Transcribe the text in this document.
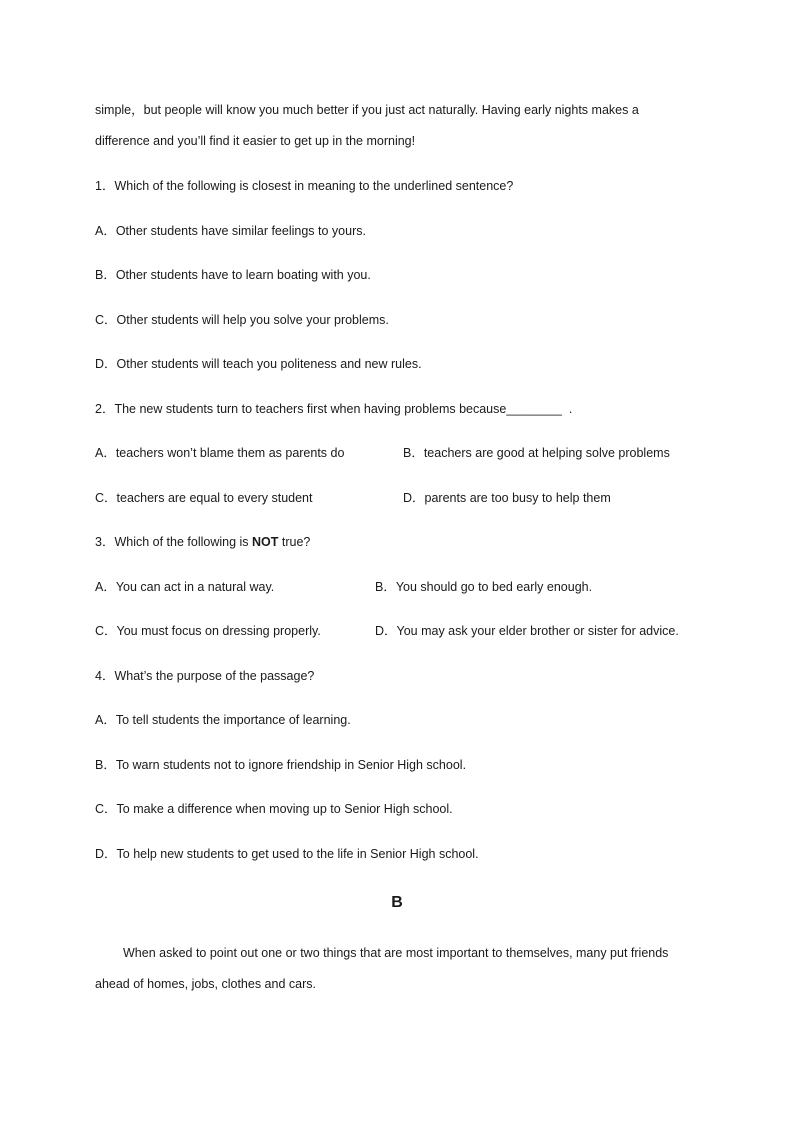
simple，but people will know you much better if you just act naturally. Having early nights makes a
difference and you’ll find it easier to get up in the morning!
1．Which of the following is closest in meaning to the underlined sentence?
A．Other students have similar feelings to yours.
B．Other students have to learn boating with you.
C．Other students will help you solve your problems.
D．Other students will teach you politeness and new rules.
2．The new students turn to teachers first when having problems because________  .
A．teachers won’t blame them as parents do	B．teachers are good at helping solve problems
C．teachers are equal to every student	D．parents are too busy to help them
3．Which of the following is NOT true?
A．You can act in a natural way.	B．You should go to bed early enough.
C．You must focus on dressing properly.	D．You may ask your elder brother or sister for advice.
4．What’s the purpose of the passage?
A．To tell students the importance of learning.
B．To warn students not to ignore friendship in Senior High school.
C．To make a difference when moving up to Senior High school.
D．To help new students to get used to the life in Senior High school.
B
When asked to point out one or two things that are most important to themselves, many put friends
ahead of homes, jobs, clothes and cars.
